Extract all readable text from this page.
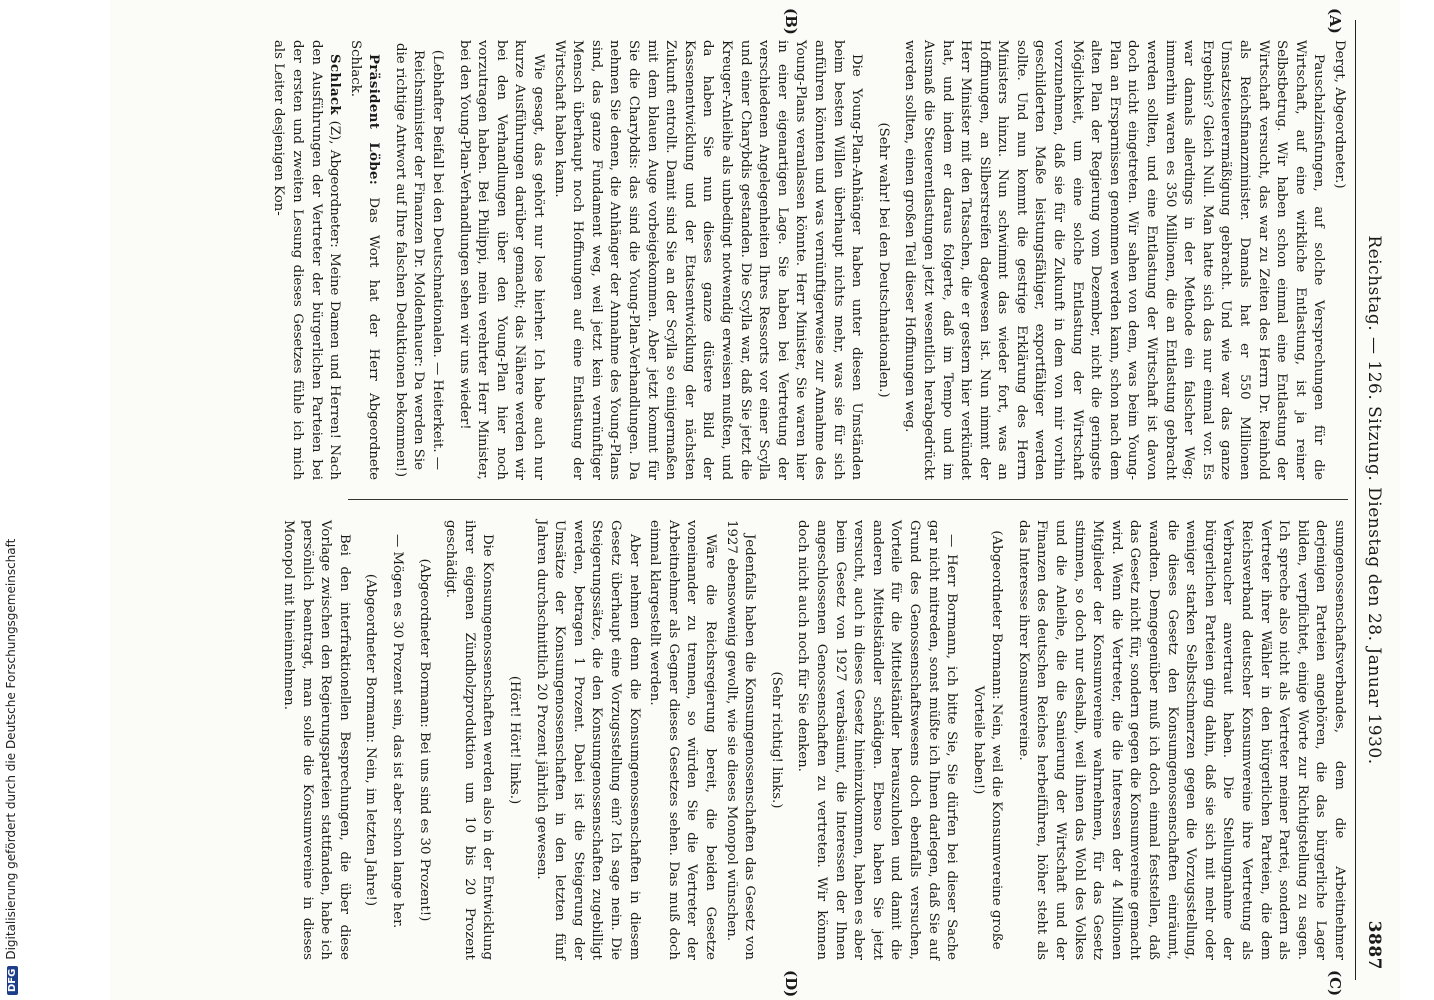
DFGDigitalisierung gefördert durch die Deutsche Forschungsgemeinschaft	Reichstag. — 126. Sitzung. Dienstag den 28. Januar 1930.
3887
(A)
(B)
(C)
(D)

Dergt, Abgeordneter.)

Pauschalzinsfungen, auf solche Versprechungen für die Wirtschaft, auf eine wirkliche Entlastung, ist ja reiner Selbstbetrug. Wir haben schon einmal eine Entlastung der Wirtschaft versucht, das war zu Zeiten des Herrn Dr. Reinhold als Reichsfinanzminister. Damals hat er 550 Millionen Umsatzsteuerermäßigung gebracht. Und wie war das ganze Ergebnis? Gleich Null. Man hatte sich das nur einmal vor. Es war damals allerdings in der Methode ein falscher Weg; immerhin waren es 350 Millionen, die an Entlastung gebracht werden sollten, und eine Entlastung der Wirtschaft ist davon doch nicht eingetreten. Wir sahen von dem, was beim Young-Plan an Ersparnissen genommen werden kann, schon nach dem alten Plan der Regierung vom Dezember, nicht die geringste Möglichkeit, um eine solche Entlastung der Wirtschaft vorzunehmen, daß sie für die Zukunft in dem von mir vorhin geschilderten Maße leistungsfähiger, exportfähiger werden sollte. Und nun kommt die gestrige Erklärung des Herrn Ministers hinzu. Nun schwimmt das wieder fort, was an Hoffnungen, an Silberstreifen dagewesen ist. Nun nimmt der Herr Minister mit den Tatsachen, die er gestern hier verkündet hat, und indem er daraus folgerte, daß im Tempo und im Ausmaß die Steuerentlastungen jetzt wesentlich herabgedrückt werden sollten, einen großen Teil dieser Hoffnungen weg.

(Sehr wahr! bei den Deutschnationalen.)

Die Young-Plan-Anhänger haben unter diesen Umständen beim besten Willen überhaupt nichts mehr, was sie für sich anführen könnten und was vernünftigerweise zur Annahme des Young-Plans veranlassen könnte. Herr Minister, Sie waren hier in einer eigenartigen Lage. Sie haben bei Vertretung der verschiedenen Angelegenheiten Ihres Ressorts vor einer Scylla und einer Charybdis gestanden. Die Scylla war, daß Sie jetzt die Kreuger-Anleihe als unbedingt notwendig erweisen mußten, und da haben Sie nun dieses ganze düstere Bild der Kassenentwicklung und der Etatsentwicklung der nächsten Zukunft entrollt. Damit sind Sie an der Scylla so einigermaßen mit dem blauen Auge vorbeigekommen. Aber jetzt kommt für Sie die Charybdis: das sind die Young-Plan-Verhandlungen. Da nehmen Sie denen, die Anhänger der Annahme des Young-Plans sind, das ganze Fundament weg, weil jetzt kein vernünftiger Mensch überhaupt noch Hoffnungen auf eine Entlastung der Wirtschaft haben kann.

Wie gesagt, das gehört nur lose hierher. Ich habe auch nur kurze Ausführungen darüber gemacht; das Nähere werden wir bei den Verhandlungen über den Young-Plan hier noch vorzutragen haben. Bei Philippi, mein verehrter Herr Minister, bei den Young-Plan-Verhandlungen sehen wir uns wieder!

(Lebhafter Beifall bei den Deutschnationalen. — Heiterkeit. — Reichsminister der Finanzen Dr. Moldenhauer: Da werden Sie die richtige Antwort auf Ihre falschen Deduktionen bekommen!)

Präsident Löbe: Das Wort hat der Herr Abgeordnete Schlack.

Schlack (Z), Abgeordneter: Meine Damen und Herren! Nach den Ausführungen der Vertreter der bürgerlichen Parteien bei der ersten und zweiten Lesung dieses Gesetzes fühle ich mich als Leiter desjenigen Kon-

sumgenossenschaftsverbandes, dem die Arbeitnehmer derjenigen Parteien angehören, die das bürgerliche Lager bilden, verpflichtet, einige Worte zur Richtigstellung zu sagen. Ich spreche also nicht als Vertreter meiner Partei, sondern als Vertreter ihrer Wähler in den bürgerlichen Parteien, die dem Reichsverband deutscher Konsumvereine ihre Vertretung als Verbraucher anvertraut haben. Die Stellungnahme der bürgerlichen Parteien ging dahin, daß sie sich mit mehr oder weniger starken Selbstschmerzen gegen die Vorzugsstellung, die dieses Gesetz den Konsumgenossenschaften einräumt, wandten. Demgegenüber muß ich doch einmal feststellen, daß das Gesetz nicht für, sondern gegen die Konsumvereine gemacht wird. Wenn die Vertreter, die die Interessen der 4 Millionen Mitglieder der Konsumvereine wahrnehmen, für das Gesetz stimmen, so doch nur deshalb, weil ihnen das Wohl des Volkes und die Anleihe, die die Sanierung der Wirtschaft und der Finanzen des deutschen Reiches herbeiführen, höher steht als das Interesse ihrer Konsumvereine.

(Abgeordneter Bormann: Nein, weil die Konsumvereine große Vorteile haben!)

— Herr Bormann, ich bitte Sie, Sie dürfen bei dieser Sache gar nicht mitreden, sonst müßte ich Ihnen darlegen, daß Sie auf Grund des Genossenschaftswesens doch ebenfalls versuchen, Vorteile für die Mittelständler herauszuholen und damit die anderen Mittelständler schädigen. Ebenso haben Sie jetzt versucht, auch in dieses Gesetz hineinzukommen, haben es aber beim Gesetz von 1927 verabsäumt, die Interessen der Ihnen angeschlossenen Genossenschaften zu vertreten. Wir können doch nicht auch noch für Sie denken.

(Sehr richtig! links.)

Jedenfalls haben die Konsumgenossenschaften das Gesetz von 1927 ebensowenig gewollt, wie sie dieses Monopol wünschen.

Wäre die Reichsregierung bereit, die beiden Gesetze voneinander zu trennen, so würden Sie die Vertreter der Arbeitnehmer als Gegner dieses Gesetzes sehen. Das muß doch einmal klargestellt werden.

Aber nehmen denn die Konsumgenossenschaften in diesem Gesetz überhaupt eine Vorzugsstellung ein? Ich sage nein. Die Steigerungssätze, die den Konsumgenossenschaften zugebilligt werden, betragen 1 Prozent. Dabei ist die Steigerung der Umsätze der Konsumgenossenschaften in den letzten fünf Jahren durchschnittlich 20 Prozent jährlich gewesen.

(Hört! Hört! links.)

Die Konsumgenossenschaften werden also in der Entwicklung ihrer eigenen Zündholzproduktion um 10 bis 20 Prozent geschädigt.

(Abgeordneter Bormann: Bei uns sind es 30 Prozent!)

— Mögen es 30 Prozent sein, das ist aber schon lange her.

(Abgeordneter Bormann: Nein, im letzten Jahre!)

Bei den interfraktionellen Besprechungen, die über diese Vorlage zwischen den Regierungsparteien stattfanden, habe ich persönlich beantragt, man solle die Konsumvereine in dieses Monopol mit hineinnehmen.
